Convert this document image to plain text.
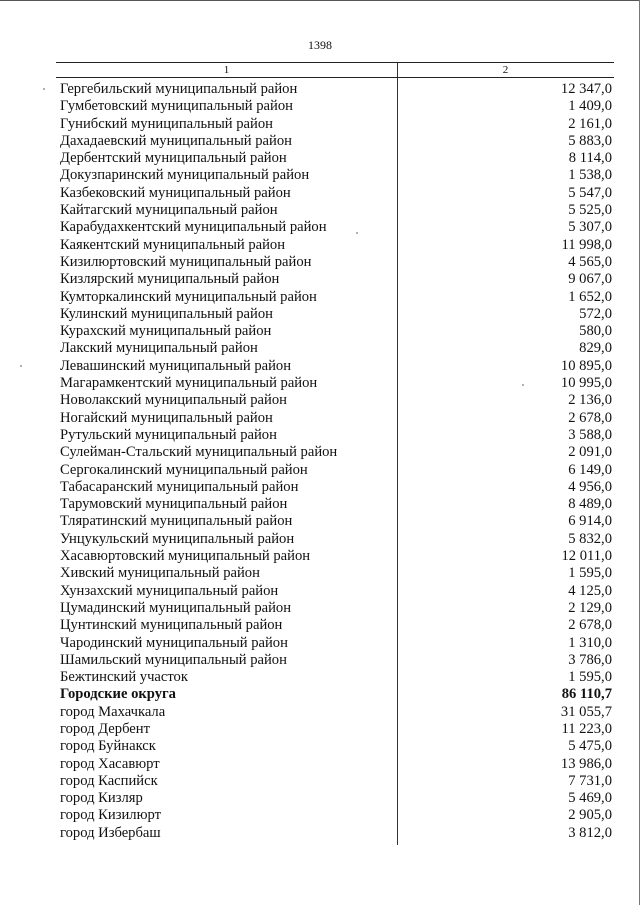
1398
1	2
Гергебильский муниципальный район	12 347,0
Гумбетовский муниципальный район	1 409,0
Гунибский муниципальный район	2 161,0
Дахадаевский муниципальный район	5 883,0
Дербентский муниципальный район	8 114,0
Докузпаринский муниципальный район	1 538,0
Казбековский муниципальный район	5 547,0
Кайтагский муниципальный район	5 525,0
Карабудахкентский муниципальный район	5 307,0
Каякентский муниципальный район	11 998,0
Кизилюртовский муниципальный район	4 565,0
Кизлярский муниципальный район	9 067,0
Кумторкалинский муниципальный район	1 652,0
Кулинский муниципальный район	572,0
Курахский муниципальный район	580,0
Лакский муниципальный район	829,0
Левашинский муниципальный район	10 895,0
Магарамкентский муниципальный район	10 995,0
Новолакский муниципальный район	2 136,0
Ногайский муниципальный район	2 678,0
Рутульский муниципальный район	3 588,0
Сулейман-Стальский муниципальный район	2 091,0
Сергокалинский муниципальный район	6 149,0
Табасаранский муниципальный район	4 956,0
Тарумовский муниципальный район	8 489,0
Тляратинский муниципальный район	6 914,0
Унцукульский муниципальный район	5 832,0
Хасавюртовский муниципальный район	12 011,0
Хивский муниципальный район	1 595,0
Хунзахский муниципальный район	4 125,0
Цумадинский муниципальный район	2 129,0
Цунтинский муниципальный район	2 678,0
Чародинский муниципальный район	1 310,0
Шамильский муниципальный район	3 786,0
Бежтинский участок	1 595,0
Городские округа	86 110,7
город Махачкала	31 055,7
город Дербент	11 223,0
город Буйнакск	5 475,0
город Хасавюрт	13 986,0
город Каспийск	7 731,0
город Кизляр	5 469,0
город Кизилюрт	2 905,0
город Избербаш	3 812,0
